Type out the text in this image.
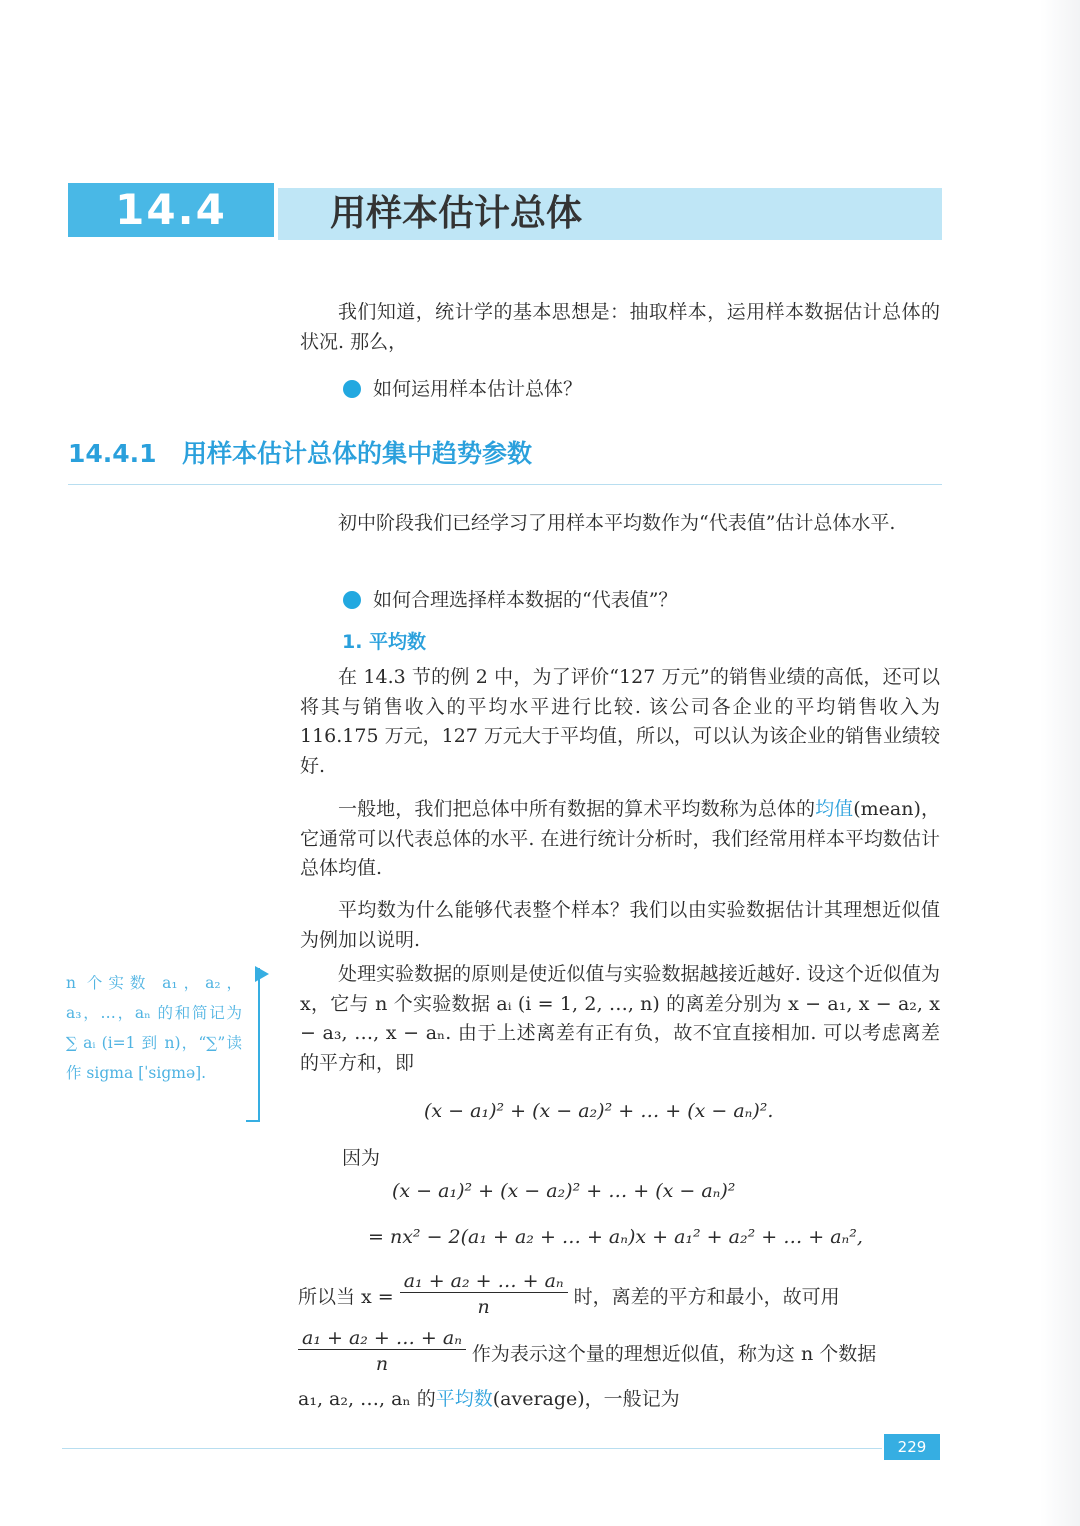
14.4	用样本估计总体
我们知道，统计学的基本思想是：抽取样本，运用样本数据估计总体的状况. 那么，
如何运用样本估计总体？
14.4.1 用样本估计总体的集中趋势参数
初中阶段我们已经学习了用样本平均数作为“代表值”估计总体水平.
如何合理选择样本数据的“代表值”？
1. 平均数
在 14.3 节的例 2 中，为了评价“127 万元”的销售业绩的高低，还可以将其与销售收入的平均水平进行比较. 该公司各企业的平均销售收入为 116.175 万元，127 万元大于平均值，所以，可以认为该企业的销售业绩较好.
一般地，我们把总体中所有数据的算术平均数称为总体的均值(mean)，它通常可以代表总体的水平. 在进行统计分析时，我们经常用样本平均数估计总体均值.
平均数为什么能够代表整个样本？我们以由实验数据估计其理想近似值为例加以说明.
处理实验数据的原则是使近似值与实验数据越接近越好. 设这个近似值为 x，它与 n 个实验数据 aᵢ (i = 1, 2, …, n) 的离差分别为 x − a₁, x − a₂, x − a₃, …, x − aₙ. 由于上述离差有正有负，故不宜直接相加. 可以考虑离差的平方和，即
n 个实数 a₁，a₂，a₃，…，aₙ 的和简记为 ∑ aᵢ (i=1 到 n)，“∑”读作 sigma [ˈsigmə].
(x − a₁)² + (x − a₂)² + … + (x − aₙ)².
因为
(x − a₁)² + (x − a₂)² + … + (x − aₙ)²
= nx² − 2(a₁ + a₂ + … + aₙ)x + a₁² + a₂² + … + aₙ²,
所以当 $x = \frac{\text{a₁ + a₂ + … + aₙ}}{n}$ 时，离差的平方和最小，故可用
$\frac{\text{a₁ + a₂ + … + aₙ}}{n}$ 作为表示这个量的理想近似值，称为这 n 个数据
a₁, a₂, …, aₙ 的 平均数 (average)，一般记为
229
